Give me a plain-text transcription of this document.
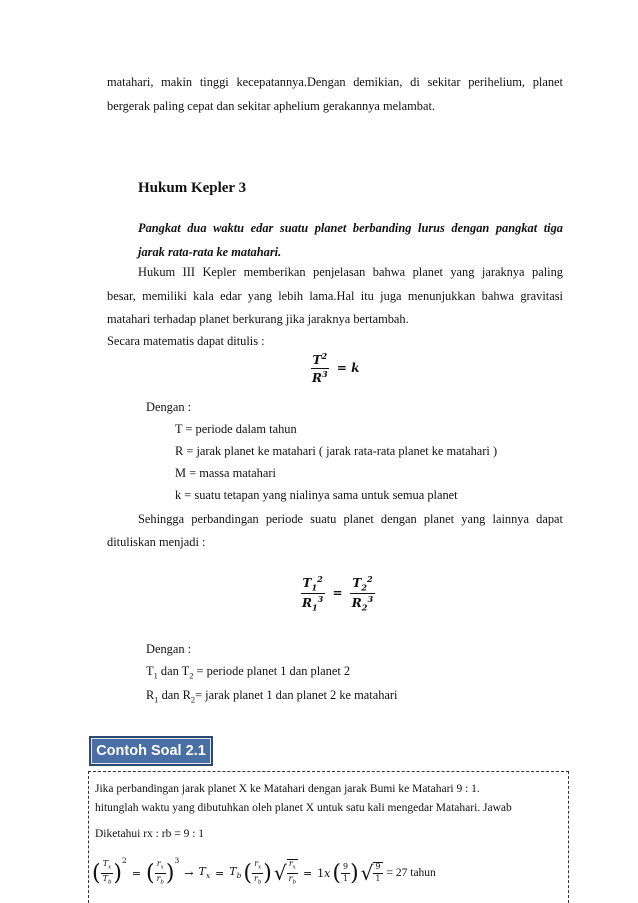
matahari, makin tinggi kecepatannya.Dengan demikian, di sekitar perihelium, planet
bergerak paling cepat dan sekitar aphelium gerakannya melambat.
Hukum Kepler 3
Pangkat dua waktu edar suatu planet berbanding lurus dengan pangkat tiga
jarak rata-rata ke matahari.
Hukum III Kepler memberikan penjelasan bahwa planet yang jaraknya paling
besar, memiliki kala edar yang lebih lama.Hal itu juga menunjukkan bahwa gravitasi
matahari terhadap planet berkurang jika jaraknya bertambah.
Secara matematis dapat ditulis :
$\frac{T^2}{R^3} = k$
Dengan :
T = periode dalam tahun
R = jarak planet ke matahari ( jarak rata-rata planet ke matahari )
M = massa matahari
k = suatu tetapan yang nialinya sama untuk semua planet
Sehingga perbandingan periode suatu planet dengan planet yang lainnya dapat
dituliskan menjadi :
$\frac{T_1^2}{R_1^3} = \frac{T_2^2}{R_2^3}$
Dengan :
$T_1$ dan $T_2$ = periode planet 1 dan planet 2
$R_1$ dan $R_2=$ jarak planet 1 dan planet 2 ke matahari
Contoh Soal 2.1
Jika perbandingan jarak planet X ke Matahari dengan jarak Bumi ke Matahari 9 : 1.
hitunglah waktu yang dibutuhkan oleh planet X untuk satu kali mengedar Matahari. Jawab
Diketahui rx : rb = 9 : 1
( $\frac{T_x}{T_b} )^2$
= ( $\frac{r_x}{r_b} )^3$
→ $T_x = T_b$ ( $\frac{r_x}{r_b}$ ) √ $\frac{r_x}{r_b} = 1$ x ( $\frac{9}{1}$ ) √ $\frac{9}{1} = 27$ tahun
